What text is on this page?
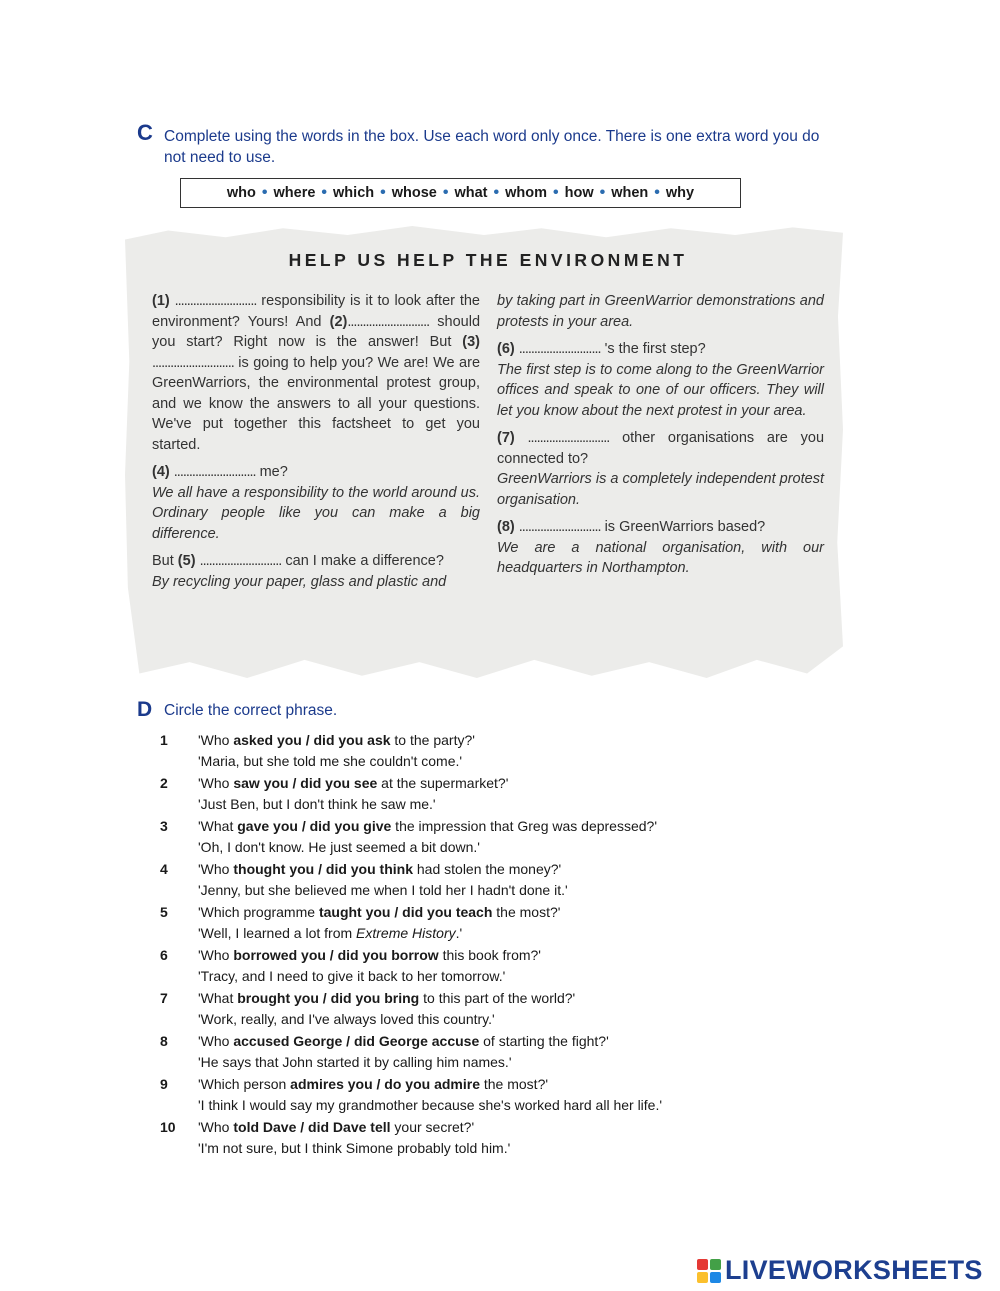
C Complete using the words in the box. Use each word only once. There is one extra word you do not need to use.
who • where • which • whose • what • whom • how • when • why
HELP US HELP THE ENVIRONMENT

(1) ........................... responsibility is it to look after the environment? Yours! And (2)........................... should you start? Right now is the answer! But (3) ........................... is going to help you? We are! We are GreenWarriors, the environmental protest group, and we know the answers to all your questions. We've put together this factsheet to get you started.

(4) ........................... me?
We all have a responsibility to the world around us. Ordinary people like you can make a big difference.

But (5) ........................... can I make a difference?
By recycling your paper, glass and plastic and

by taking part in GreenWarrior demonstrations and protests in your area.

(6) ........................... 's the first step?
The first step is to come along to the GreenWarrior offices and speak to one of our officers. They will let you know about the next protest in your area.

(7) ........................... other organisations are you connected to?
GreenWarriors is a completely independent protest organisation.

(8) ........................... is GreenWarriors based?
We are a national organisation, with our headquarters in Northampton.

D Circle the correct phrase.
1	'Who asked you / did you ask to the party?'
'Maria, but she told me she couldn't come.'
2	'Who saw you / did you see at the supermarket?'
'Just Ben, but I don't think he saw me.'
3	'What gave you / did you give the impression that Greg was depressed?'
'Oh, I don't know. He just seemed a bit down.'
4	'Who thought you / did you think had stolen the money?'
'Jenny, but she believed me when I told her I hadn't done it.'
5	'Which programme taught you / did you teach the most?'
'Well, I learned a lot from Extreme History.'
6	'Who borrowed you / did you borrow this book from?'
'Tracy, and I need to give it back to her tomorrow.'
7	'What brought you / did you bring to this part of the world?'
'Work, really, and I've always loved this country.'
8	'Who accused George / did George accuse of starting the fight?'
'He says that John started it by calling him names.'
9	'Which person admires you / do you admire the most?'
'I think I would say my grandmother because she's worked hard all her life.'
10	'Who told Dave / did Dave tell your secret?'
'I'm not sure, but I think Simone probably told him.'
LIVEWORKSHEETS
